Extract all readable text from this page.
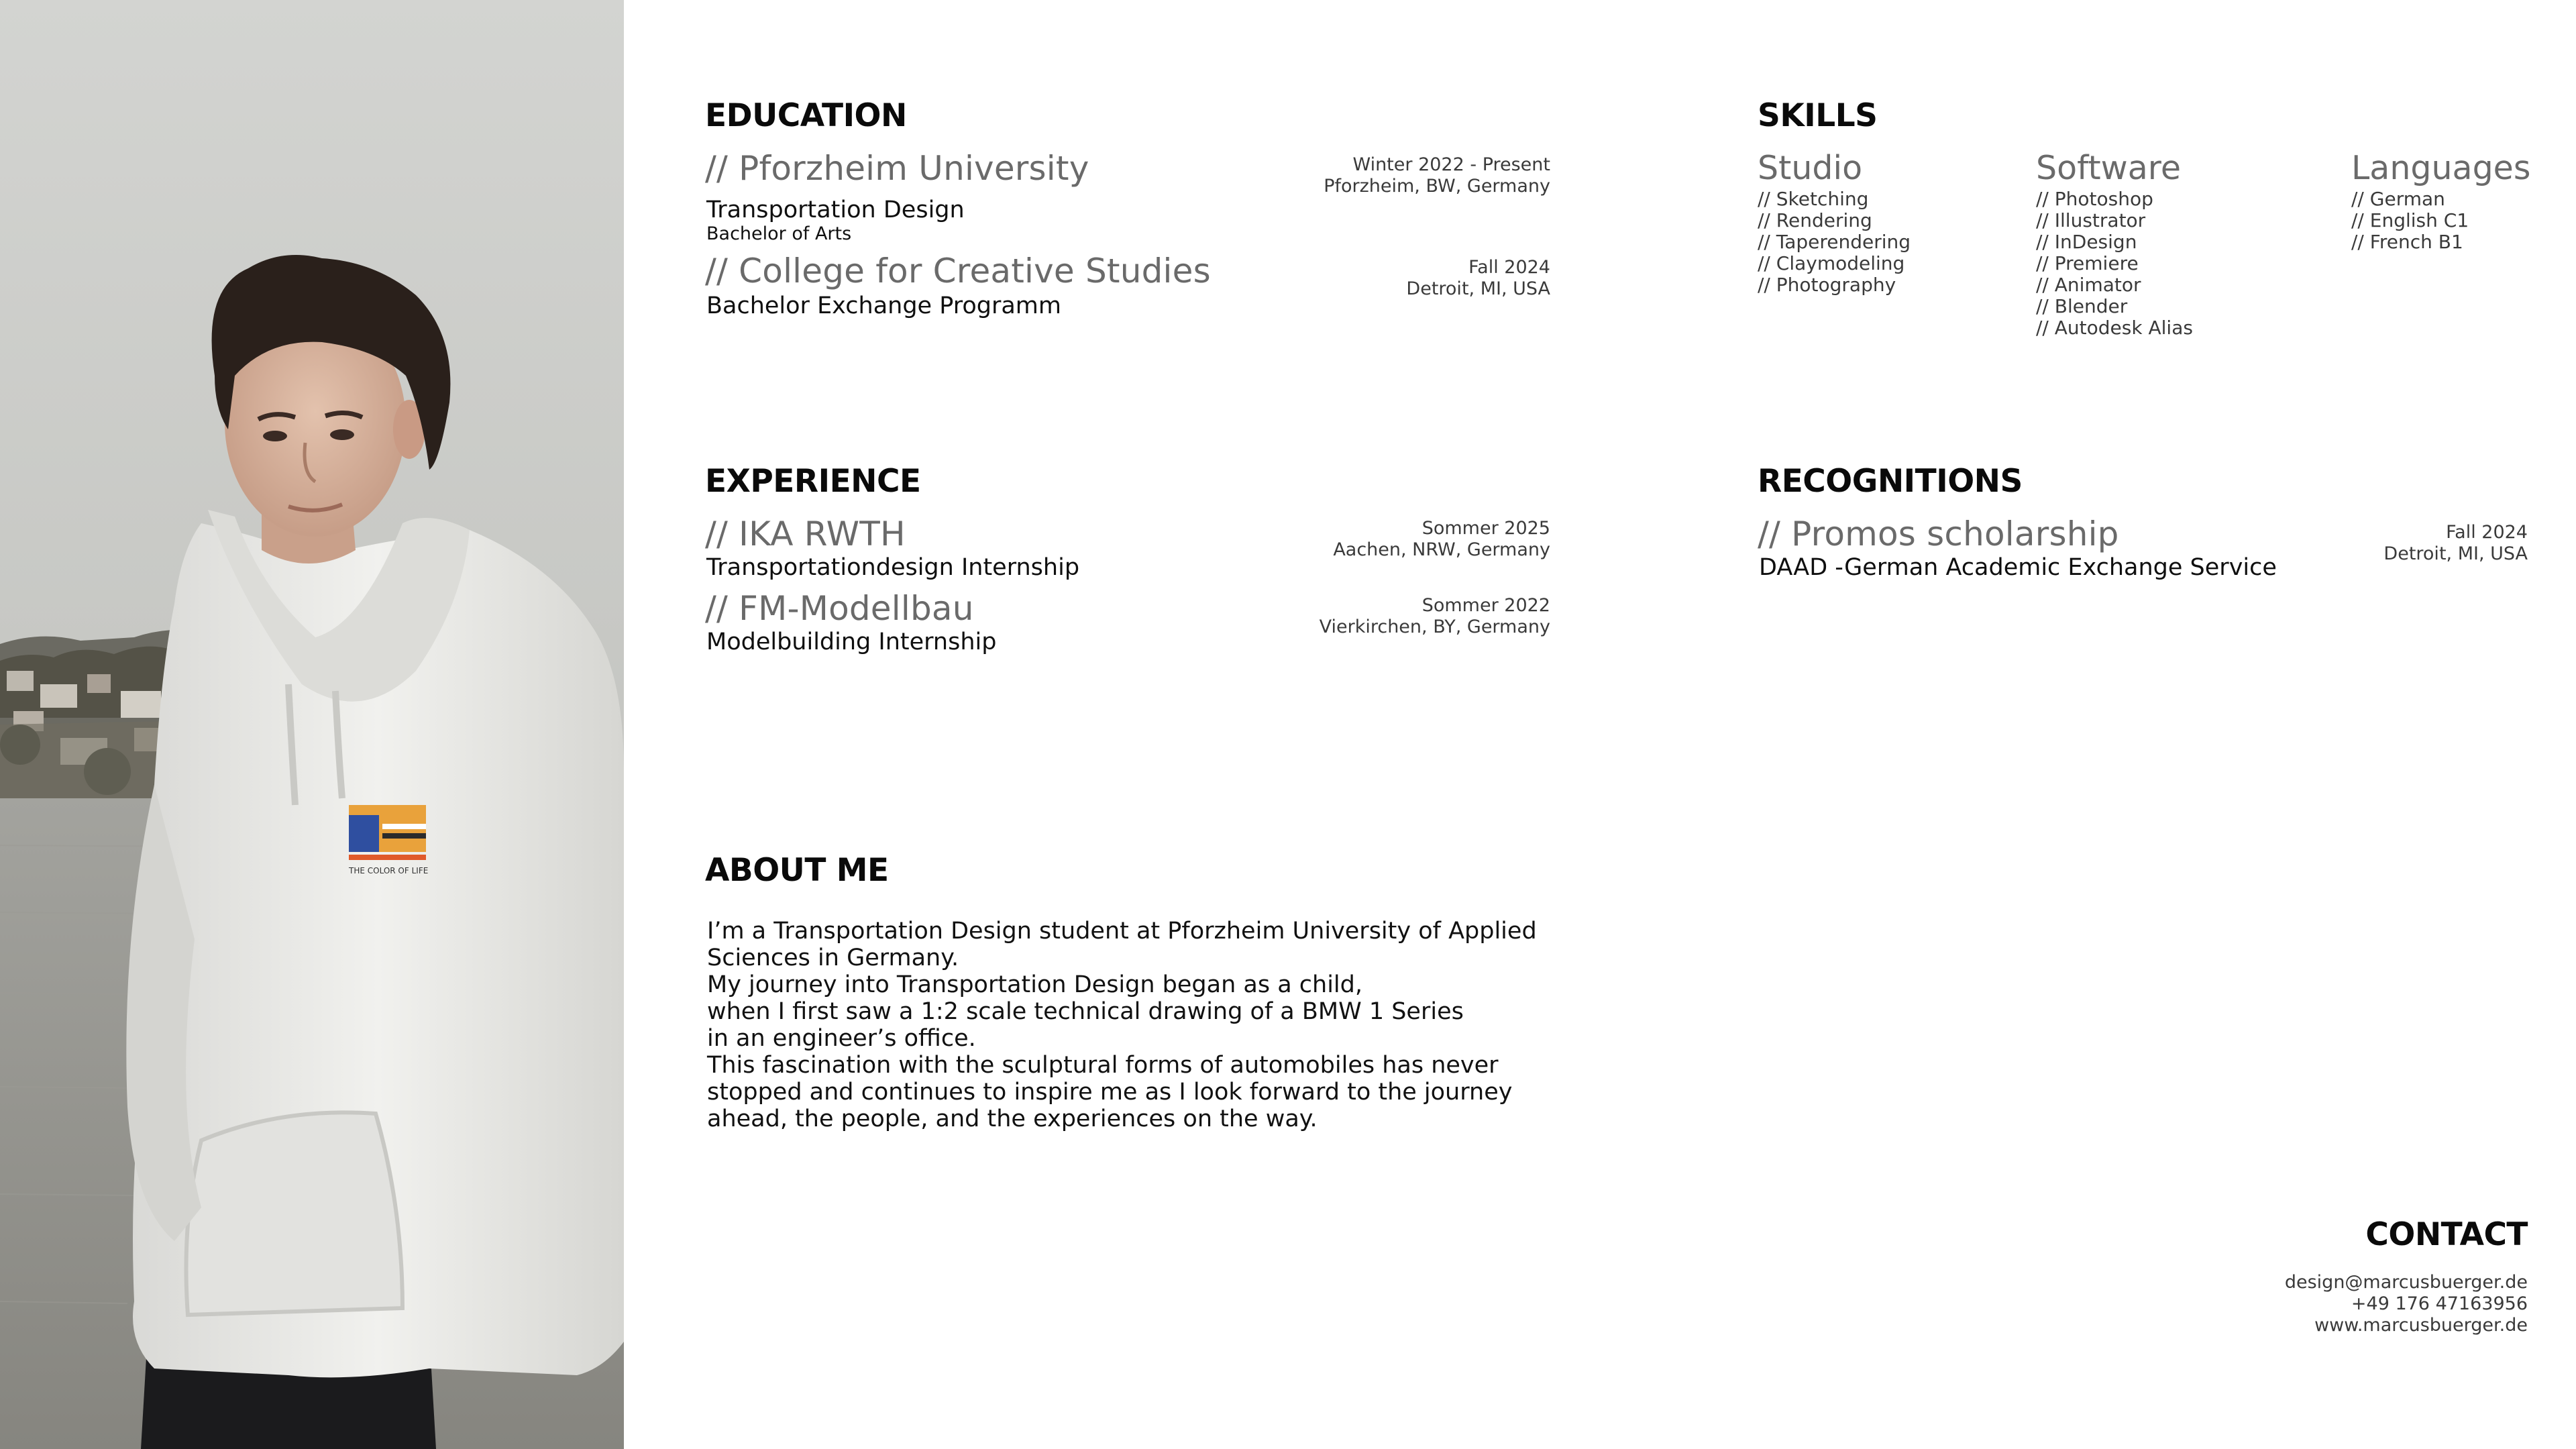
THE COLOR OF LIFE
EDUCATION
// Pforzheim University
Transportation Design
Bachelor of Arts
Winter 2022 - Present
Pforzheim, BW, Germany
// College for Creative Studies
Bachelor Exchange Programm
Fall 2024
Detroit, MI, USA
SKILLS
Studio
// Sketching
// Rendering
// Taperendering
// Claymodeling
// Photography
Software
// Photoshop
// Illustrator
// InDesign
// Premiere
// Animator
// Blender
// Autodesk Alias
Languages
// German
// English C1
// French B1
EXPERIENCE
// IKA RWTH
Transportationdesign Internship
Sommer 2025
Aachen, NRW, Germany
// FM-Modellbau
Modelbuilding Internship
Sommer 2022
Vierkirchen, BY, Germany
RECOGNITIONS
// Promos scholarship
DAAD -German Academic Exchange Service
Fall 2024
Detroit, MI, USA
ABOUT ME
I’m a Transportation Design student at Pforzheim University of Applied
Sciences in Germany.
My journey into Transportation Design began as a child,
when I first saw a 1:2 scale technical drawing of a BMW 1 Series
in an engineer’s office.
This fascination with the sculptural forms of automobiles has never
stopped and continues to inspire me as I look forward to the journey
ahead, the people, and the experiences on the way.
CONTACT
design@marcusbuerger.de
+49 176 47163956
www.marcusbuerger.de
